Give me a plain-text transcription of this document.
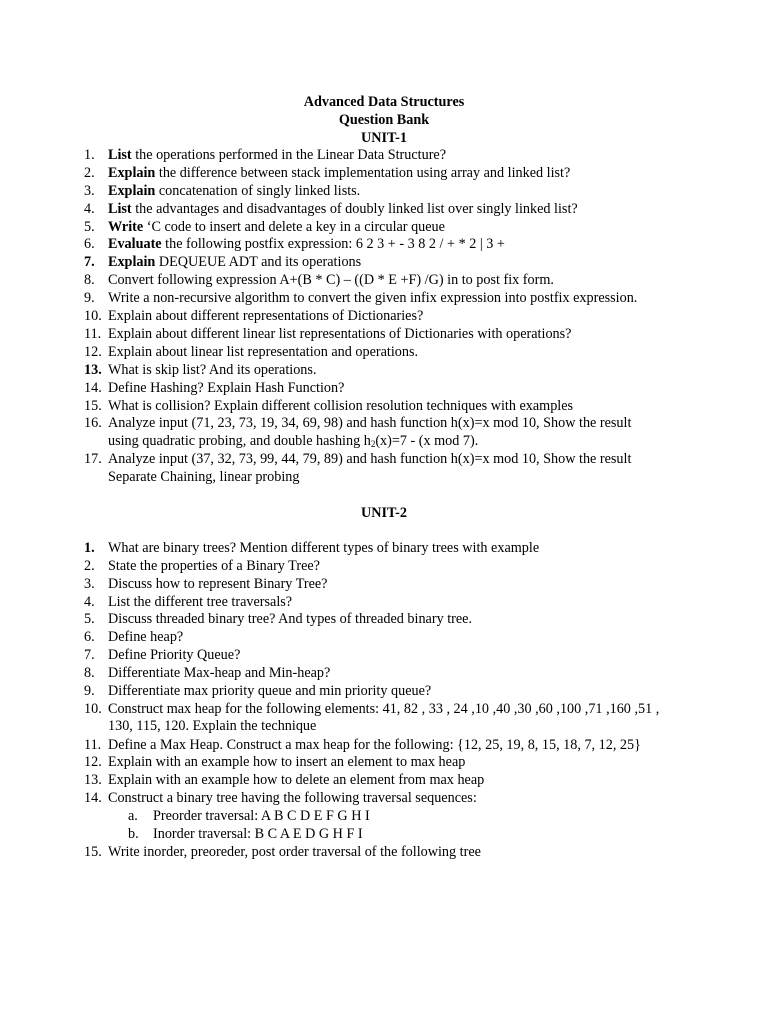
Advanced Data Structures
Question Bank
UNIT-1
1. List the operations performed in the Linear Data Structure?
2. Explain the difference between stack implementation using array and linked list?
3. Explain concatenation of singly linked lists.
4. List the advantages and disadvantages of doubly linked list over singly linked list?
5. Write ‘C code to insert and delete a key in a circular queue
6. Evaluate the following postfix expression: 6 2 3 + - 3 8 2 / + * 2 | 3 +
7. Explain DEQUEUE ADT and its operations
8. Convert following expression A+(B * C) – ((D * E +F) /G) in to post fix form.
9. Write a non-recursive algorithm to convert the given infix expression into postfix expression.
10. Explain about different representations of Dictionaries?
11. Explain about different linear list representations of Dictionaries with operations?
12. Explain about linear list representation and operations.
13. What is skip list? And its operations.
14. Define Hashing? Explain Hash Function?
15. What is collision? Explain different collision resolution techniques with examples
16. Analyze input (71, 23, 73, 19, 34, 69, 98) and hash function h(x)=x mod 10, Show the result
17. Analyze input (37, 32, 73, 99, 44, 79, 89) and hash function h(x)=x mod 10, Show the result
using quadratic probing, and double hashing $h_2(x)=7 - (x$ mod 7).
Separate Chaining, linear probing
UNIT-2
1. What are binary trees? Mention different types of binary trees with example
2. State the properties of a Binary Tree?
3. Discuss how to represent Binary Tree?
4. List the different tree traversals?
5. Discuss threaded binary tree? And types of threaded binary tree.
6. Define heap?
7. Define Priority Queue?
8. Differentiate Max-heap and Min-heap?
9. Differentiate max priority queue and min priority queue?
10. Construct max heap for the following elements: 41, 82 , 33 , 24 ,10 ,40 ,30 ,60 ,100 ,71 ,160 ,51 ,
11. Define a Max Heap. Construct a max heap for the following: {12, 25, 19, 8, 15, 18, 7, 12, 25}
12. Explain with an example how to insert an element to max heap
13. Explain with an example how to delete an element from max heap
14. Construct a binary tree having the following traversal sequences:
15. Write inorder, preoreder, post order traversal of the following tree
130, 115, 120. Explain the technique
a. Preorder traversal: A B C D E F G H I
b. Inorder traversal: B C A E D G H F I
